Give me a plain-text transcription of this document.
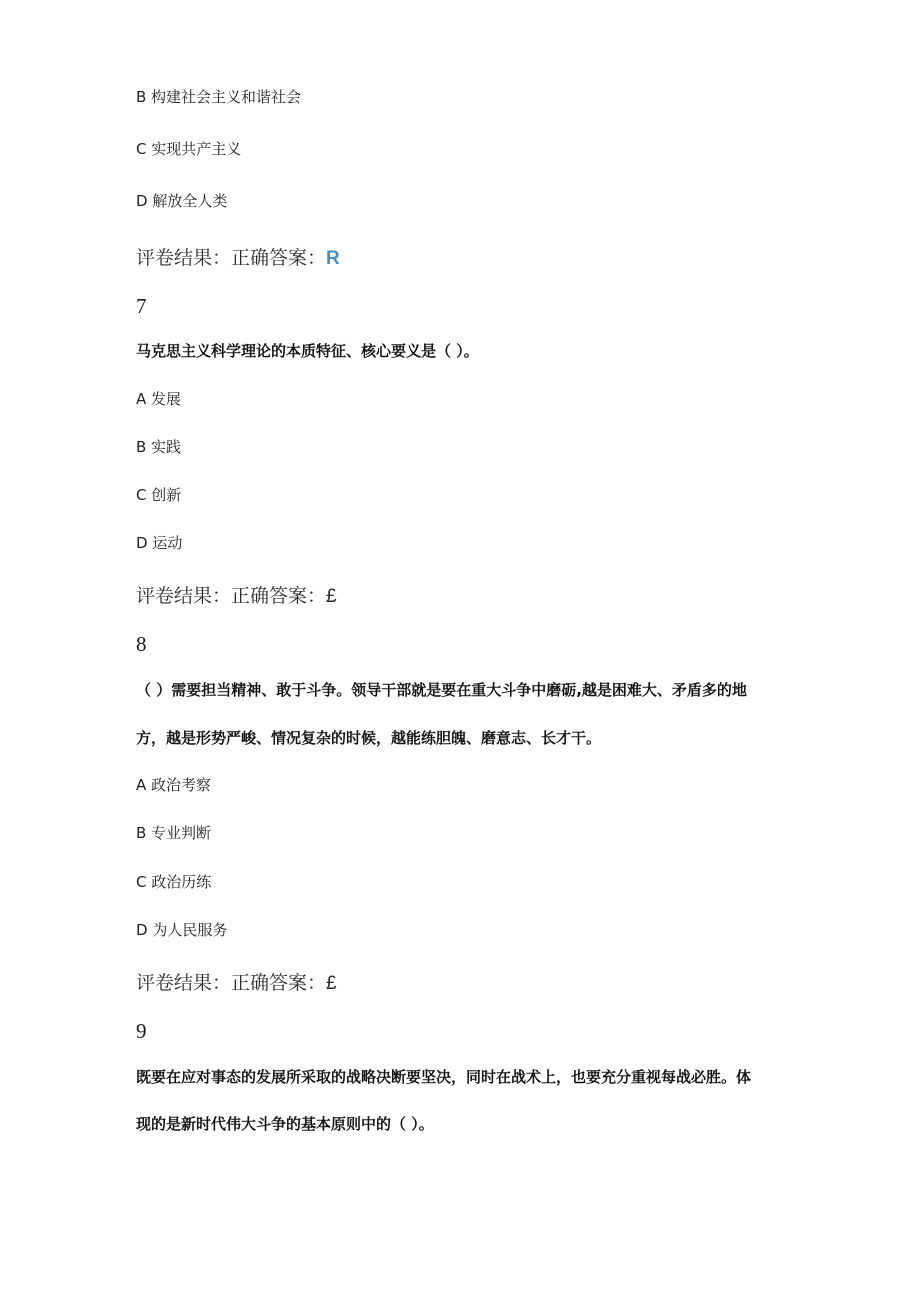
B 构建社会主义和谐社会
C 实现共产主义
D 解放全人类
评卷结果：正确答案：R
7
马克思主义科学理论的本质特征、核心要义是（ ）。
A 发展
B 实践
C 创新
D 运动
评卷结果：正确答案：£
8
（ ）需要担当精神、敢于斗争。领导干部就是要在重大斗争中磨砺,越是困难大、矛盾多的地
方，越是形势严峻、情况复杂的时候，越能练胆魄、磨意志、长才干。
A 政治考察
B 专业判断
C 政治历练
D 为人民服务
评卷结果：正确答案：£
9
既要在应对事态的发展所采取的战略决断要坚决，同时在战术上，也要充分重视每战必胜。体
现的是新时代伟大斗争的基本原则中的（ ）。
